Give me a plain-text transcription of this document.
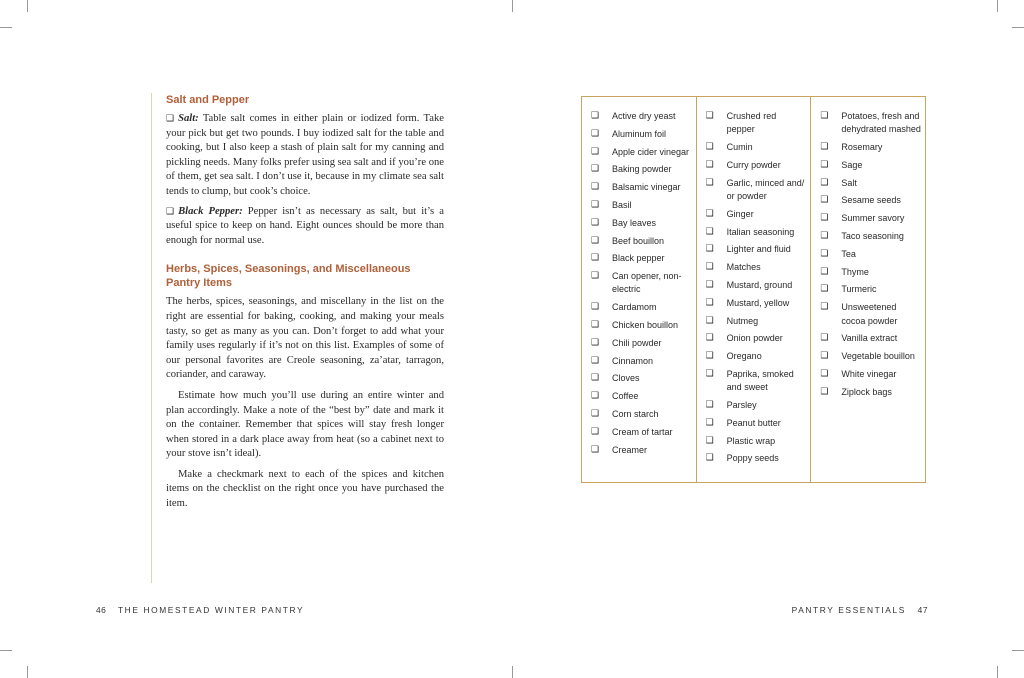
Salt and Pepper

❑ Salt: Table salt comes in either plain or iodized form. Take your pick but get two pounds. I buy iodized salt for the table and cooking, but I also keep a stash of plain salt for my canning and pickling needs. Many folks prefer using sea salt and if you’re one of them, get sea salt. I don’t use it, because in my climate sea salt tends to clump, but cook’s choice.

❑ Black Pepper: Pepper isn’t as necessary as salt, but it’s a useful spice to keep on hand. Eight ounces should be more than enough for normal use.

Herbs, Spices, Seasonings, and Miscellaneous Pantry Items

The herbs, spices, seasonings, and miscellany in the list on the right are essential for baking, cooking, and making your meals tasty, so get as many as you can. Don’t forget to add what your family uses regularly if it’s not on this list. Examples of some of our personal favorites are Creole seasoning, za’atar, tarragon, coriander, and caraway.

Estimate how much you’ll use during an entire winter and plan accordingly. Make a note of the “best by” date and mark it on the container. Remember that spices will stay fresh longer when stored in a dark place away from heat (so a cabinet next to your stove isn’t ideal).

Make a checkmark next to each of the spices and kitchen items on the checklist on the right once you have purchased the item.

❑	Active dry yeast
❑	Aluminum foil
❑	Apple cider vinegar
❑	Baking powder
❑	Balsamic vinegar
❑	Basil
❑	Bay leaves
❑	Beef bouillon
❑	Black pepper
❑	Can opener, non-electric
❑	Cardamom
❑	Chicken bouillon
❑	Chili powder
❑	Cinnamon
❑	Cloves
❑	Coffee
❑	Corn starch
❑	Cream of tartar
❑	Creamer
❑	Crushed red pepper
❑	Cumin
❑	Curry powder
❑	Garlic, minced and/ or powder
❑	Ginger
❑	Italian seasoning
❑	Lighter and fluid
❑	Matches
❑	Mustard, ground
❑	Mustard, yellow
❑	Nutmeg
❑	Onion powder
❑	Oregano
❑	Paprika, smoked and sweet
❑	Parsley
❑	Peanut butter
❑	Plastic wrap
❑	Poppy seeds
❑	Potatoes, fresh and dehydrated mashed
❑	Rosemary
❑	Sage
❑	Salt
❑	Sesame seeds
❑	Summer savory
❑	Taco seasoning
❑	Tea
❑	Thyme
❑	Turmeric
❑	Unsweetened cocoa powder
❑	Vanilla extract
❑	Vegetable bouillon
❑	White vinegar
❑	Ziplock bags
46 THE HOMESTEAD WINTER PANTRY	PANTRY ESSENTIALS 47
